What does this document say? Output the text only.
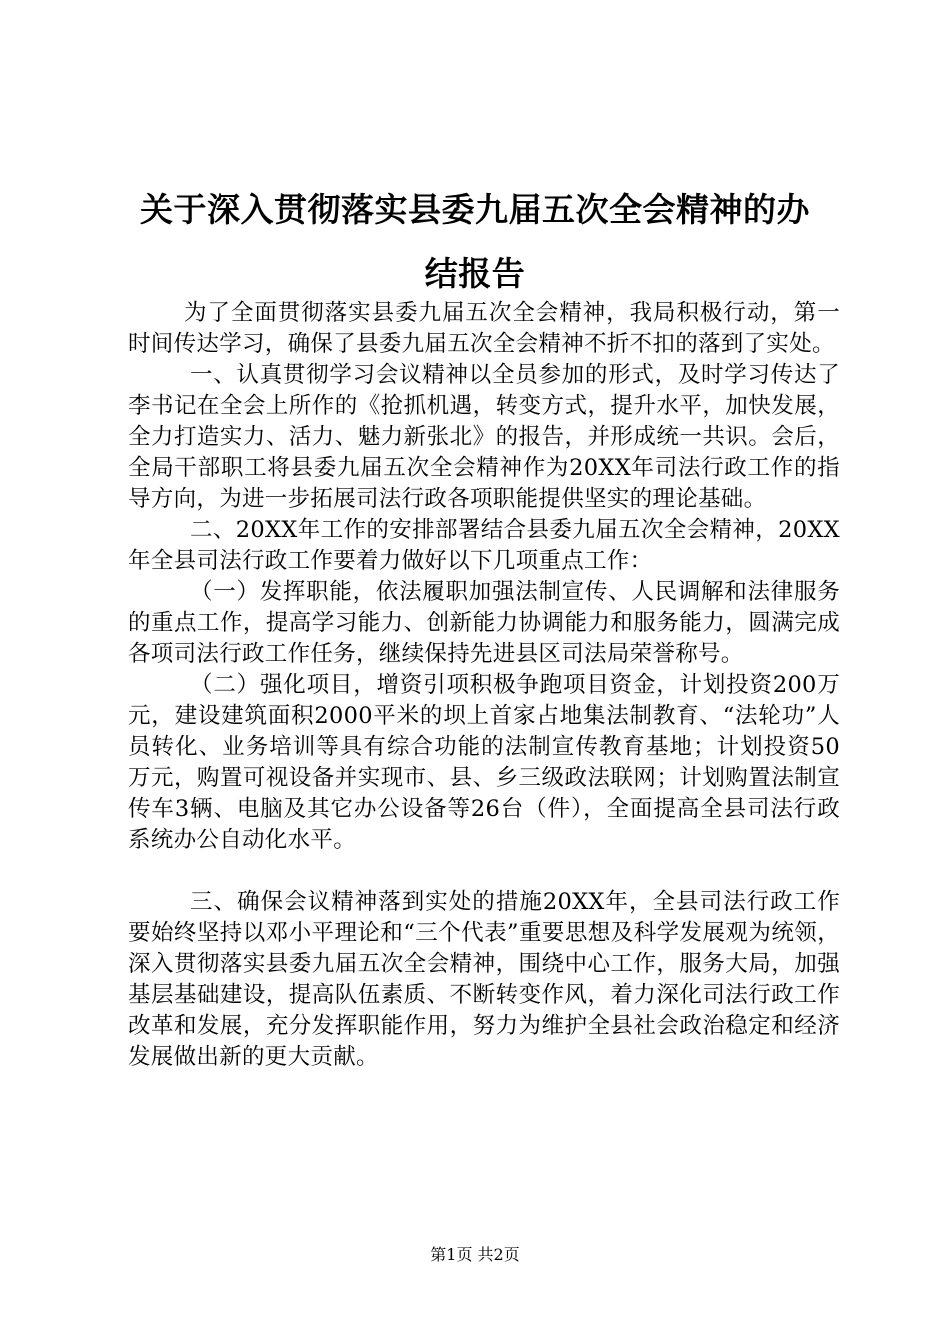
关于深入贯彻落实县委九届五次全会精神的办
结报告

为了全面贯彻落实县委九届五次全会精神，我局积极行动，第一时间传达学习，确保了县委九届五次全会精神不折不扣的落到了实处。

一、认真贯彻学习会议精神以全员参加的形式，及时学习传达了李书记在全会上所作的《抢抓机遇，转变方式，提升水平，加快发展，全力打造实力、活力、魅力新张北》的报告，并形成统一共识。会后，全局干部职工将县委九届五次全会精神作为20XX年司法行政工作的指导方向，为进一步拓展司法行政各项职能提供坚实的理论基础。

二、20XX年工作的安排部署结合县委九届五次全会精神，20XX年全县司法行政工作要着力做好以下几项重点工作：

（一）发挥职能，依法履职加强法制宣传、人民调解和法律服务的重点工作，提高学习能力、创新能力协调能力和服务能力，圆满完成各项司法行政工作任务，继续保持先进县区司法局荣誉称号。

（二）强化项目，增资引项积极争跑项目资金，计划投资200万元，建设建筑面积2000平米的坝上首家占地集法制教育、“法轮功”人员转化、业务培训等具有综合功能的法制宣传教育基地；计划投资50万元，购置可视设备并实现市、县、乡三级政法联网；计划购置法制宣传车3辆、电脑及其它办公设备等26台（件），全面提高全县司法行政系统办公自动化水平。

三、确保会议精神落到实处的措施20XX年，全县司法行政工作要始终坚持以邓小平理论和“三个代表”重要思想及科学发展观为统领，深入贯彻落实县委九届五次全会精神，围绕中心工作，服务大局，加强基层基础建设，提高队伍素质、不断转变作风，着力深化司法行政工作改革和发展，充分发挥职能作用，努力为维护全县社会政治稳定和经济发展做出新的更大贡献。

第1页 共2页
